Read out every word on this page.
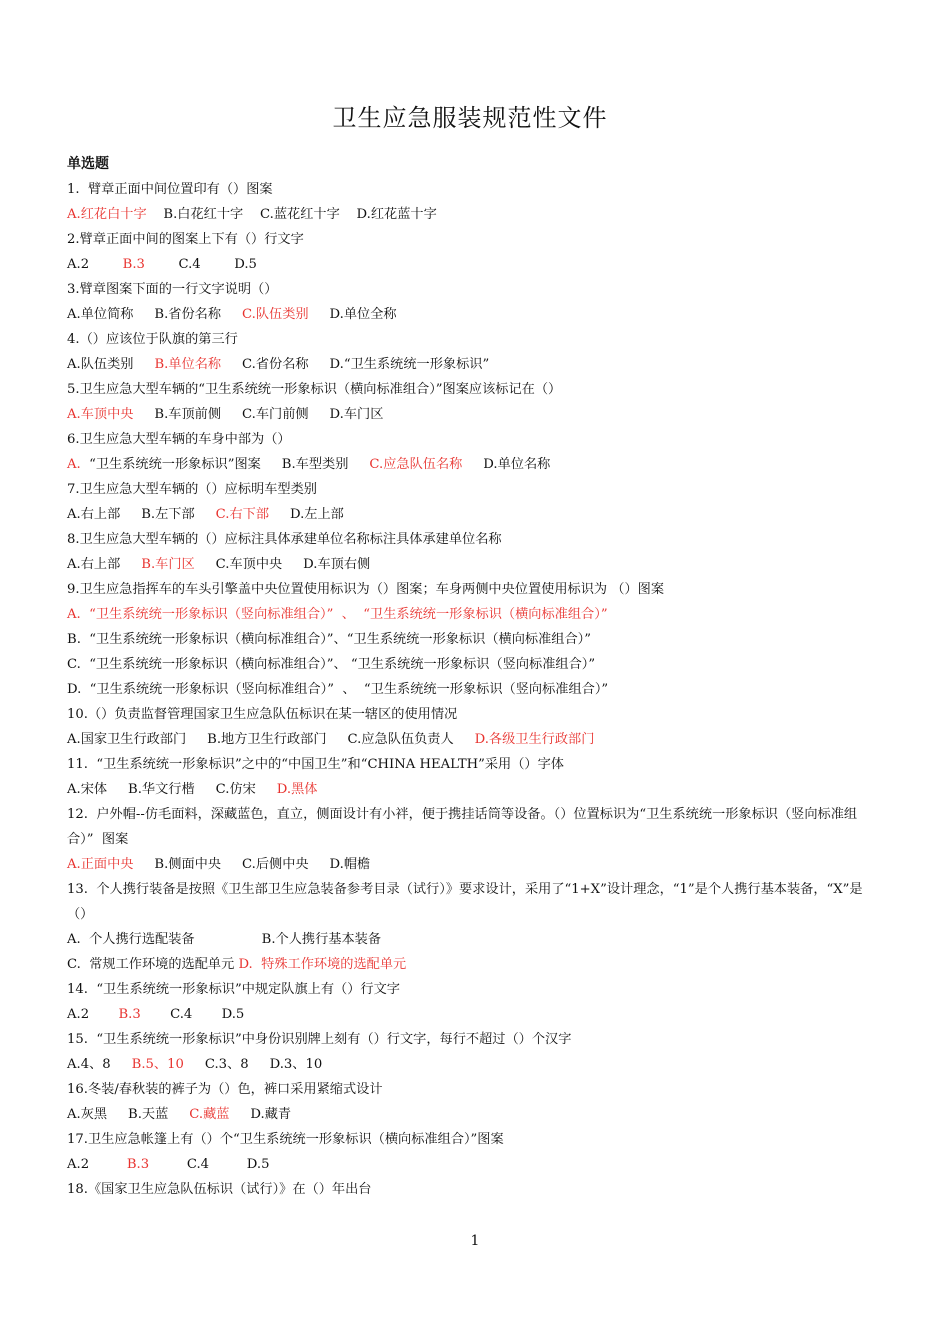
卫生应急服装规范性文件
单选题
1.  臂章正面中间位置印有（）图案
A.红花白十字    B.白花红十字    C.蓝花红十字    D.红花蓝十字
2.臂章正面中间的图案上下有（）行文字
A.2        B.3        C.4        D.5
3.臂章图案下面的一行文字说明（）
A.单位简称     B.省份名称     C.队伍类别     D.单位全称
4.（）应该位于队旗的第三行
A.队伍类别     B.单位名称     C.省份名称     D.“卫生系统统一形象标识”
5.卫生应急大型车辆的“卫生系统统一形象标识（横向标准组合）”图案应该标记在（）
A.车顶中央     B.车顶前侧     C.车门前侧     D.车门区
6.卫生应急大型车辆的车身中部为（）
A.  “卫生系统统一形象标识”图案     B.车型类别     C.应急队伍名称     D.单位名称
7.卫生应急大型车辆的（）应标明车型类别
A.右上部     B.左下部     C.右下部     D.左上部
8.卫生应急大型车辆的（）应标注具体承建单位名称标注具体承建单位名称
A.右上部     B.车门区     C.车顶中央     D.车顶右侧
9.卫生应急指挥车的车头引擎盖中央位置使用标识为（）图案；车身两侧中央位置使用标识为 （）图案
A.  “卫生系统统一形象标识（竖向标准组合）”  、  “卫生系统统一形象标识（横向标准组合）”
B.  “卫生系统统一形象标识（横向标准组合）”、“卫生系统统一形象标识（横向标准组合）”
C.  “卫生系统统一形象标识（横向标准组合）”、 “卫生系统统一形象标识（竖向标准组合）”
D.  “卫生系统统一形象标识（竖向标准组合）”  、  “卫生系统统一形象标识（竖向标准组合）”
10.（）负责监督管理国家卫生应急队伍标识在某一辖区的使用情况
A.国家卫生行政部门     B.地方卫生行政部门     C.应急队伍负责人     D.各级卫生行政部门
11.  “卫生系统统一形象标识”之中的“中国卫生”和“CHINA HEALTH”采用（）字体
A.宋体     B.华文行楷     C.仿宋     D.黑体
12.  户外帽--仿毛面料，深藏蓝色，直立，侧面设计有小袢，便于携挂话筒等设备。（）位置标识为“卫生系统统一形象标识（竖向标准组合）”  图案
A.正面中央     B.侧面中央     C.后侧中央     D.帽檐
13.  个人携行装备是按照《卫生部卫生应急装备参考目录（试行）》要求设计，采用了“1+X”设计理念，“1”是个人携行基本装备，“X”是（）
A.  个人携行选配装备                B.个人携行基本装备
C.  常规工作环境的选配单元 D.  特殊工作环境的选配单元
14.  “卫生系统统一形象标识”中规定队旗上有（）行文字
A.2       B.3       C.4       D.5
15.  “卫生系统统一形象标识”中身份识别牌上刻有（）行文字，每行不超过（）个汉字
A.4、8     B.5、10     C.3、8     D.3、10
16.冬装/春秋装的裤子为（）色，裤口采用紧缩式设计
A.灰黑     B.天蓝     C.藏蓝     D.藏青
17.卫生应急帐篷上有（）个“卫生系统统一形象标识（横向标准组合）”图案
A.2         B.3         C.4         D.5
18.《国家卫生应急队伍标识（试行）》在（）年出台
1
